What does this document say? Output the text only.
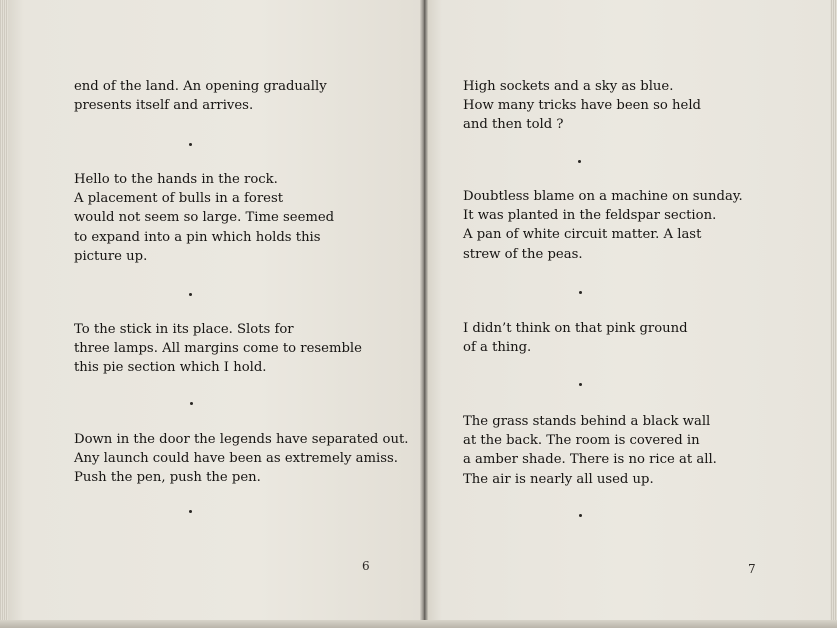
end of the land. An opening gradually
presents itself and arrives.

Hello to the hands in the rock.
A placement of bulls in a forest
would not seem so large. Time seemed
to expand into a pin which holds this
picture up.

To the stick in its place. Slots for
three lamps. All margins come to resemble
this pie section which I hold.

Down in the door the legends have separated out.
Any launch could have been as extremely amiss.
Push the pen, push the pen.

6

High sockets and a sky as blue.
How many tricks have been so held
and then told ?

Doubtless blame on a machine on sunday.
It was planted in the feldspar section.
A pan of white circuit matter. A last
strew of the peas.

I didn’t think on that pink ground
of a thing.

The grass stands behind a black wall
at the back. The room is covered in
a amber shade. There is no rice at all.
The air is nearly all used up.

7
